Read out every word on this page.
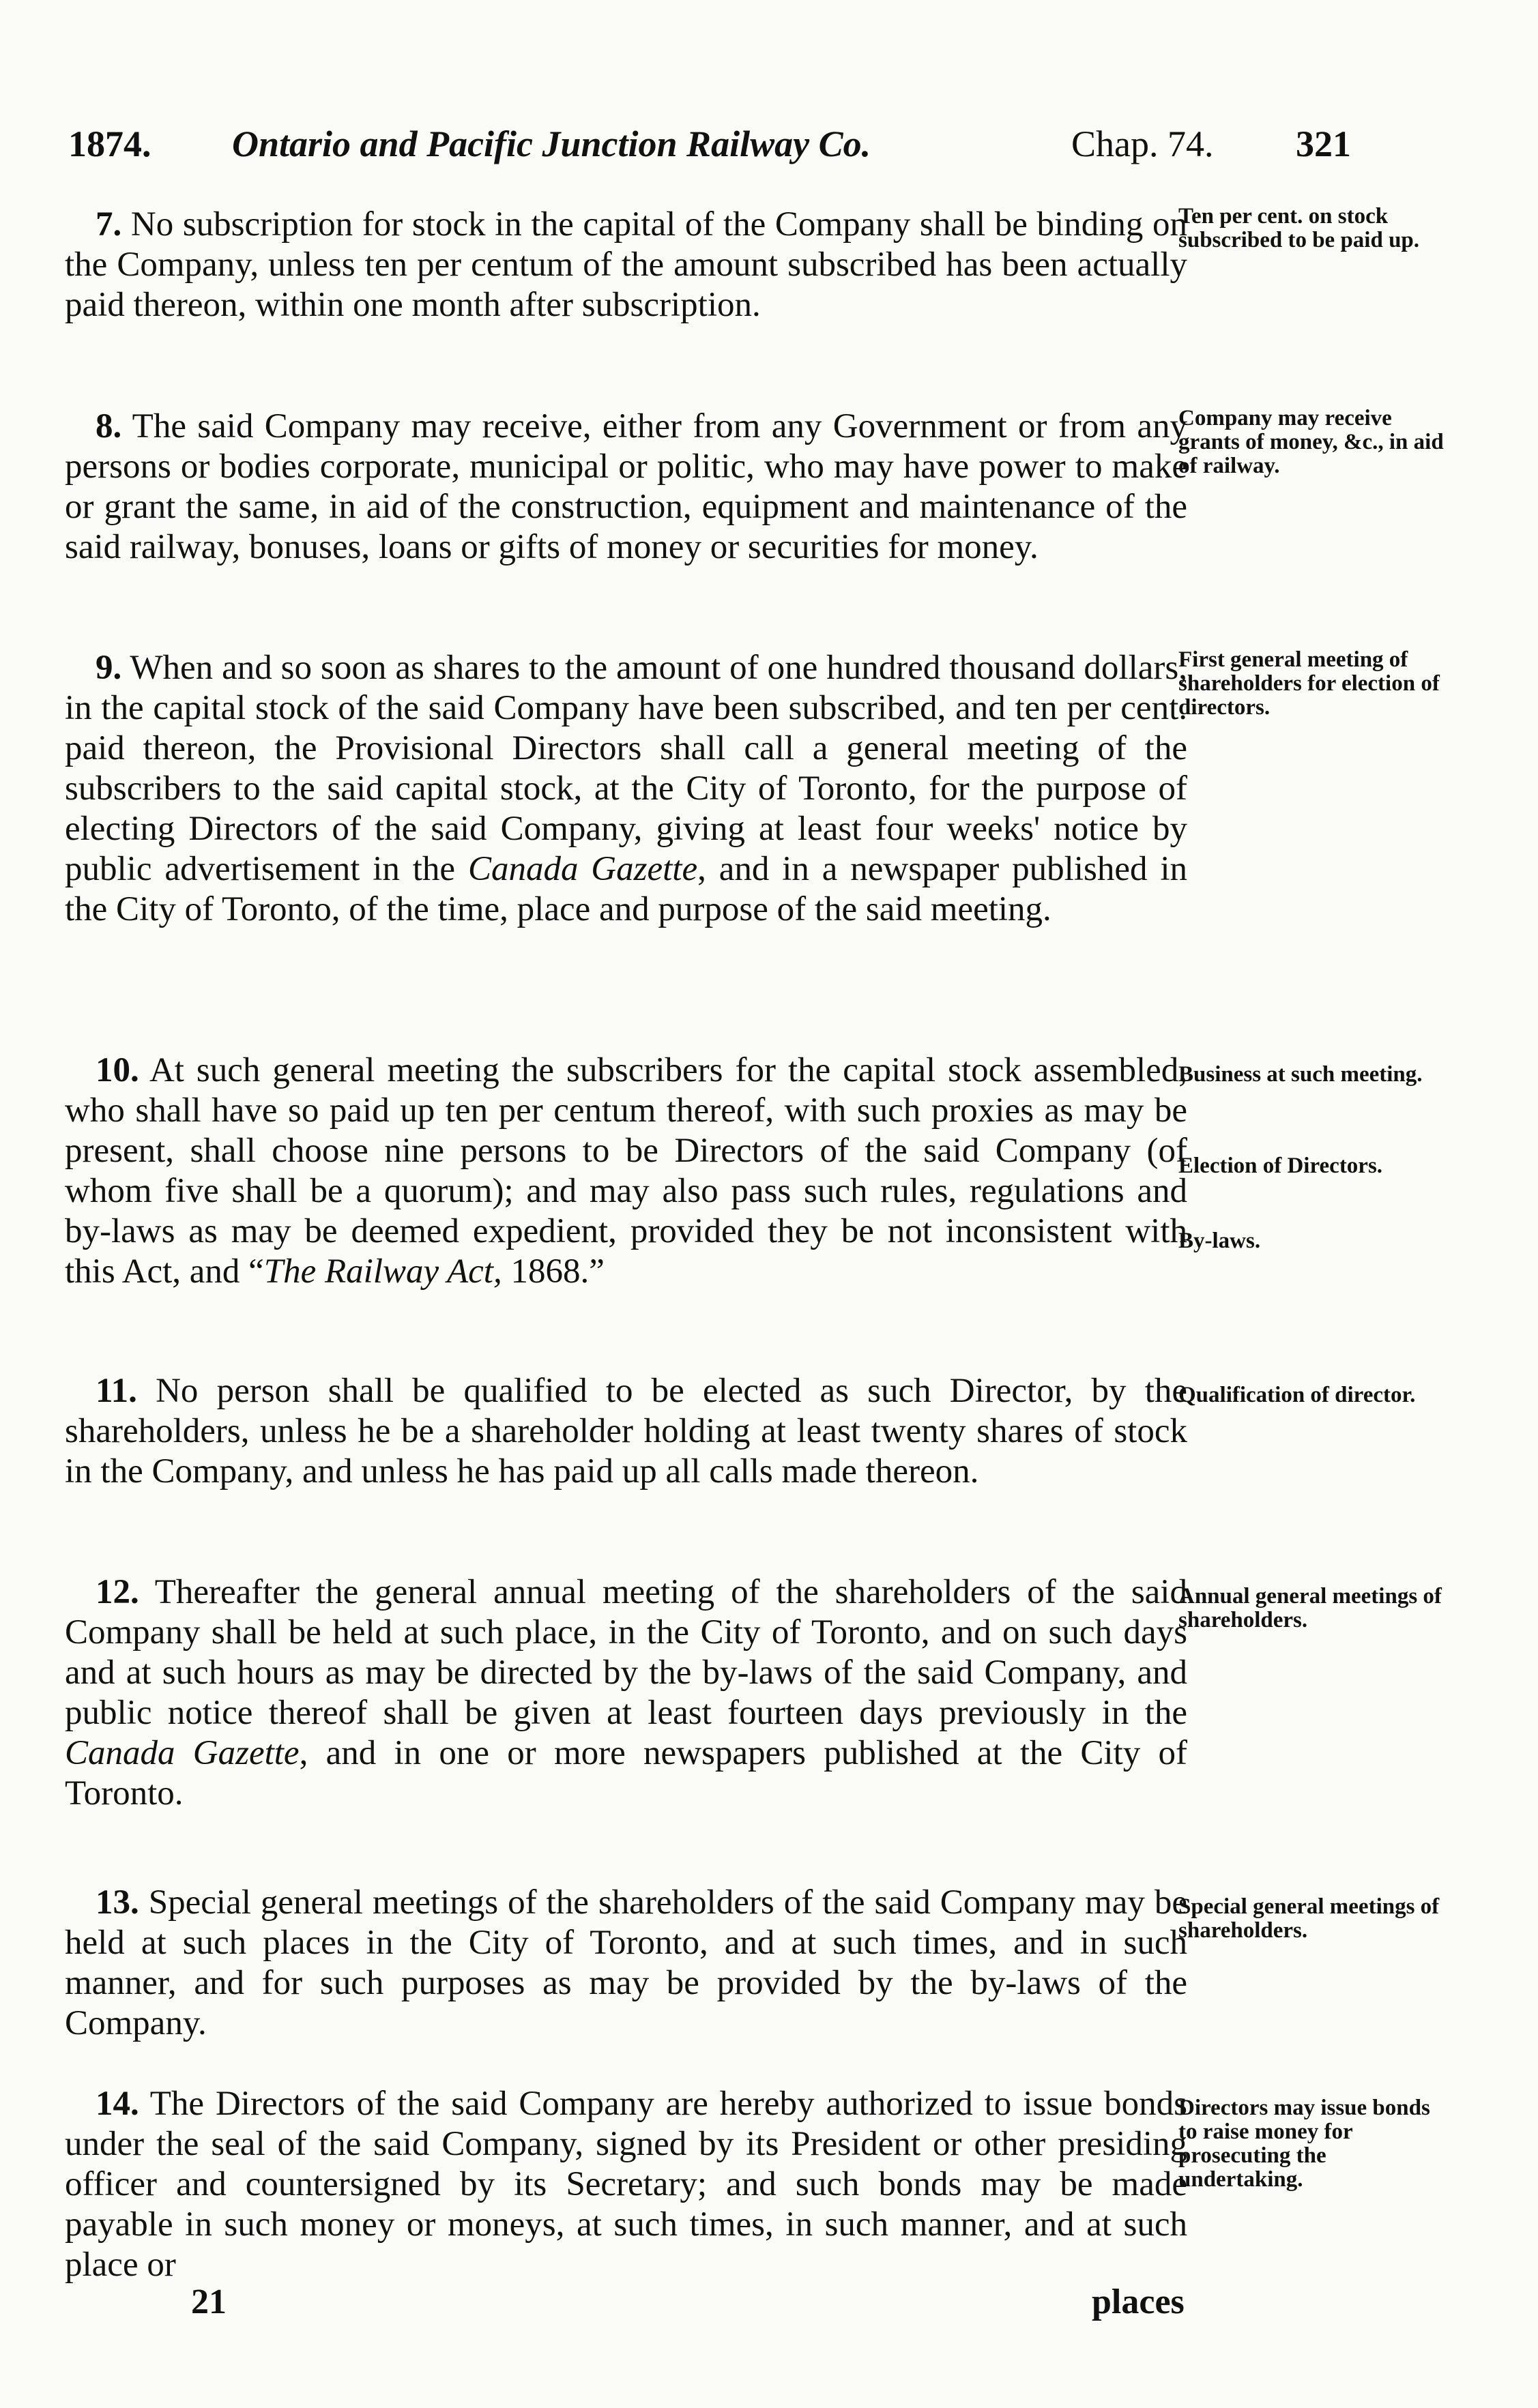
1874. Ontario and Pacific Junction Railway Co.	Chap. 74. 321

7. No subscription for stock in the capital of the Company shall be binding on the Company, unless ten per centum of the amount subscribed has been actually paid thereon, within one month after subscription.

Ten per cent. on stock subscribed to be paid up.

8. The said Company may receive, either from any Government or from any persons or bodies corporate, municipal or politic, who may have power to make or grant the same, in aid of the construction, equipment and maintenance of the said railway, bonuses, loans or gifts of money or securities for money.

Company may receive grants of money, &c., in aid of railway.

9. When and so soon as shares to the amount of one hundred thousand dollars, in the capital stock of the said Company have been subscribed, and ten per cent. paid thereon, the Provisional Directors shall call a general meeting of the subscribers to the said capital stock, at the City of Toronto, for the purpose of electing Directors of the said Company, giving at least four weeks' notice by public advertisement in the Canada Gazette, and in a newspaper published in the City of Toronto, of the time, place and purpose of the said meeting.

First general meeting of shareholders for election of directors.

10. At such general meeting the subscribers for the capital stock assembled, who shall have so paid up ten per centum thereof, with such proxies as may be present, shall choose nine persons to be Directors of the said Company (of whom five shall be a quorum); and may also pass such rules, regulations and by-laws as may be deemed expedient, provided they be not inconsistent with this Act, and “The Railway Act, 1868.”

Business at such meeting.
Election of Directors.
By-laws.

11. No person shall be qualified to be elected as such Director, by the shareholders, unless he be a shareholder holding at least twenty shares of stock in the Company, and unless he has paid up all calls made thereon.

Qualification of director.

12. Thereafter the general annual meeting of the shareholders of the said Company shall be held at such place, in the City of Toronto, and on such days and at such hours as may be directed by the by-laws of the said Company, and public notice thereof shall be given at least fourteen days previously in the Canada Gazette, and in one or more newspapers published at the City of Toronto.

Annual general meetings of shareholders.

13. Special general meetings of the shareholders of the said Company may be held at such places in the City of Toronto, and at such times, and in such manner, and for such purposes as may be provided by the by-laws of the Company.

Special general meetings of shareholders.

14. The Directors of the said Company are hereby authorized to issue bonds under the seal of the said Company, signed by its President or other presiding officer and countersigned by its Secretary; and such bonds may be made payable in such money or moneys, at such times, in such manner, and at such place or

Directors may issue bonds to raise money for prosecuting the undertaking.
21	places
